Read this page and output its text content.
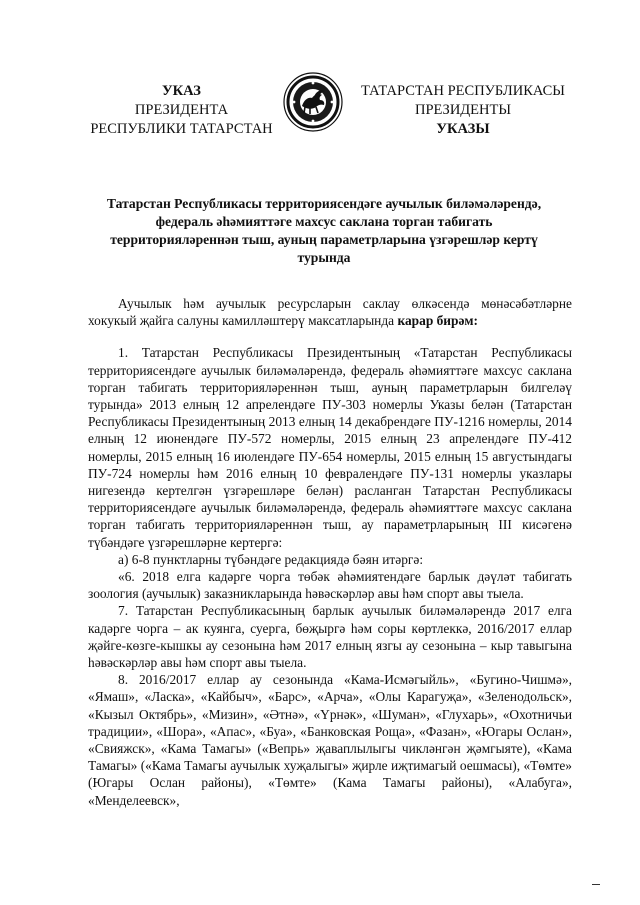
УКАЗ
ПРЕЗИДЕНТА
РЕСПУБЛИКИ ТАТАРСТАН
ТАТАРСТАН РЕСПУБЛИКАСЫ
ПРЕЗИДЕНТЫ
УКАЗЫ
Татарстан Республикасы территориясендәге аучылык биләмәләрендә,
федераль әһәмияттәге махсус саклана торган табигать
территорияләреннән тыш, ауның параметрларына үзгәрешләр кертү
турында

Аучылык һәм аучылык ресурсларын саклау өлкәсендә мөнәсәбәтләрне хокукый җайга салуны камилләштерү максатларында карар бирәм:

1. Татарстан Республикасы Президентының «Татарстан Республикасы территориясендәге аучылык биләмәләрендә, федераль әһәмияттәге махсус саклана торган табигать территорияләреннән тыш, ауның параметрларын билгеләү турында» 2013 елның 12 апрелендәге ПУ-303 номерлы Указы белән (Татарстан Республикасы Президентының 2013 елның 14 декабрендәге ПУ-1216 номерлы, 2014 елның 12 июнендәге ПУ-572 номерлы, 2015 елның 23 апрелендәге ПУ-412 номерлы, 2015 елның 16 июлендәге ПУ-654 номерлы, 2015 елның 15 августындагы ПУ-724 номерлы һәм 2016 елның 10 февралендәге ПУ-131 номерлы указлары нигезендә кертелгән үзгәрешләре белән) расланган Татарстан Республикасы территориясендәге аучылык биләмәләрендә, федераль әһәмияттәге махсус саклана торган табигать территорияләреннән тыш, ау параметрларының III кисәгенә түбәндәге үзгәрешләрне кертергә:

а) 6-8 пунктларны түбәндәге редакциядә бәян итәргә:

«6. 2018 елга кадәрге чорга төбәк әһәмиятендәге барлык дәүләт табигать зоология (аучылык) заказникларында һәвәскәрләр авы һәм спорт авы тыела.

7. Татарстан Республикасының барлык аучылык биләмәләрендә 2017 елга кадәрге чорга – ак куянга, суерга, бөҗыргә һәм соры көртлеккә, 2016/2017 еллар җәйге-көзге-кышкы ау сезонына һәм 2017 елның язгы ау сезонына – кыр тавыгына һәвәскәрләр авы һәм спорт авы тыела.

8. 2016/2017 еллар ау сезонында «Кама-Исмәгыйль», «Бугино-Чишмә», «Ямаш», «Ласка», «Кайбыч», «Барс», «Арча», «Олы Карагуҗа», «Зеленодольск», «Кызыл Октябрь», «Мизин», «Әтнә», «Үрнәк», «Шуман», «Глухарь», «Охотничьи традиции», «Шора», «Апас», «Буа», «Банковская Роща», «Фазан», «Югары Ослан», «Свияжск», «Кама Тамагы» («Вепрь» җаваплылыгы чикләнгән җәмгыяте), «Кама Тамагы» («Кама Тамагы аучылык хуҗалыгы» җирле иҗтимагый оешмасы), «Төмте» (Югары Ослан районы), «Төмте» (Кама Тамагы районы), «Алабуга», «Менделеевск»,
